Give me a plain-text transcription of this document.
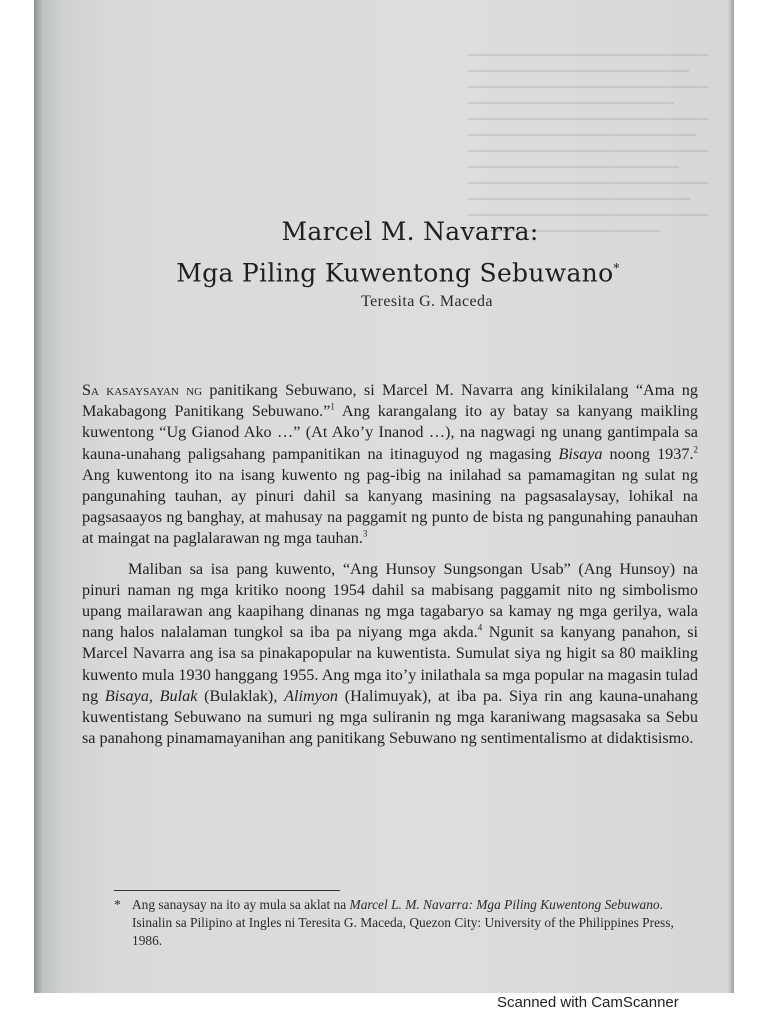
Marcel M. Navarra:
Mga Piling Kuwentong Sebuwano*
Teresita G. Maceda

Sa kasaysayan ng panitikang Sebuwano, si Marcel M. Navarra ang kinikilalang “Ama ng Makabagong Panitikang Sebuwano.”$^1$ Ang karangalang ito ay batay sa kanyang maikling kuwentong “Ug Gianod Ako …” (At Ako’y Inanod …), na nagwagi ng unang gantimpala sa kauna-unahang paligsahang pampanitikan na itinaguyod ng magasing Bisaya noong 1937.$^2$ Ang kuwentong ito na isang kuwento ng pag-ibig na inilahad sa pamamagitan ng sulat ng pangunahing tauhan, ay pinuri dahil sa kanyang masining na pagsasalaysay, lohikal na pagsasaayos ng banghay, at mahusay na paggamit ng punto de bista ng pangunahing panauhan at maingat na paglalarawan ng mga tauhan.$^3$

Maliban sa isa pang kuwento, “Ang Hunsoy Sungsongan Usab” (Ang Hunsoy) na pinuri naman ng mga kritiko noong 1954 dahil sa mabisang paggamit nito ng simbolismo upang mailarawan ang kaapihang dinanas ng mga tagabaryo sa kamay ng mga gerilya, wala nang halos nalalaman tungkol sa iba pa niyang mga akda.$^4$ Ngunit sa kanyang panahon, si Marcel Navarra ang isa sa pinakapopular na kuwentista. Sumulat siya ng higit sa 80 maikling kuwento mula 1930 hanggang 1955. Ang mga ito’y inilathala sa mga popular na magasin tulad ng Bisaya, Bulak (Bulaklak), Alimyon (Halimuyak), at iba pa. Siya rin ang kauna-unahang kuwentistang Sebuwano na sumuri ng mga suliranin ng mga karaniwang magsasaka sa Sebu sa panahong pinamamayanihan ang panitikang Sebuwano ng sentimentalismo at didaktisismo.

* Ang sanaysay na ito ay mula sa aklat na Marcel L. M. Navarra: Mga Piling Kuwentong Sebuwano. Isinalin sa Pilipino at Ingles ni Teresita G. Maceda, Quezon City: University of the Philippines Press, 1986.
Scanned with CamScanner
